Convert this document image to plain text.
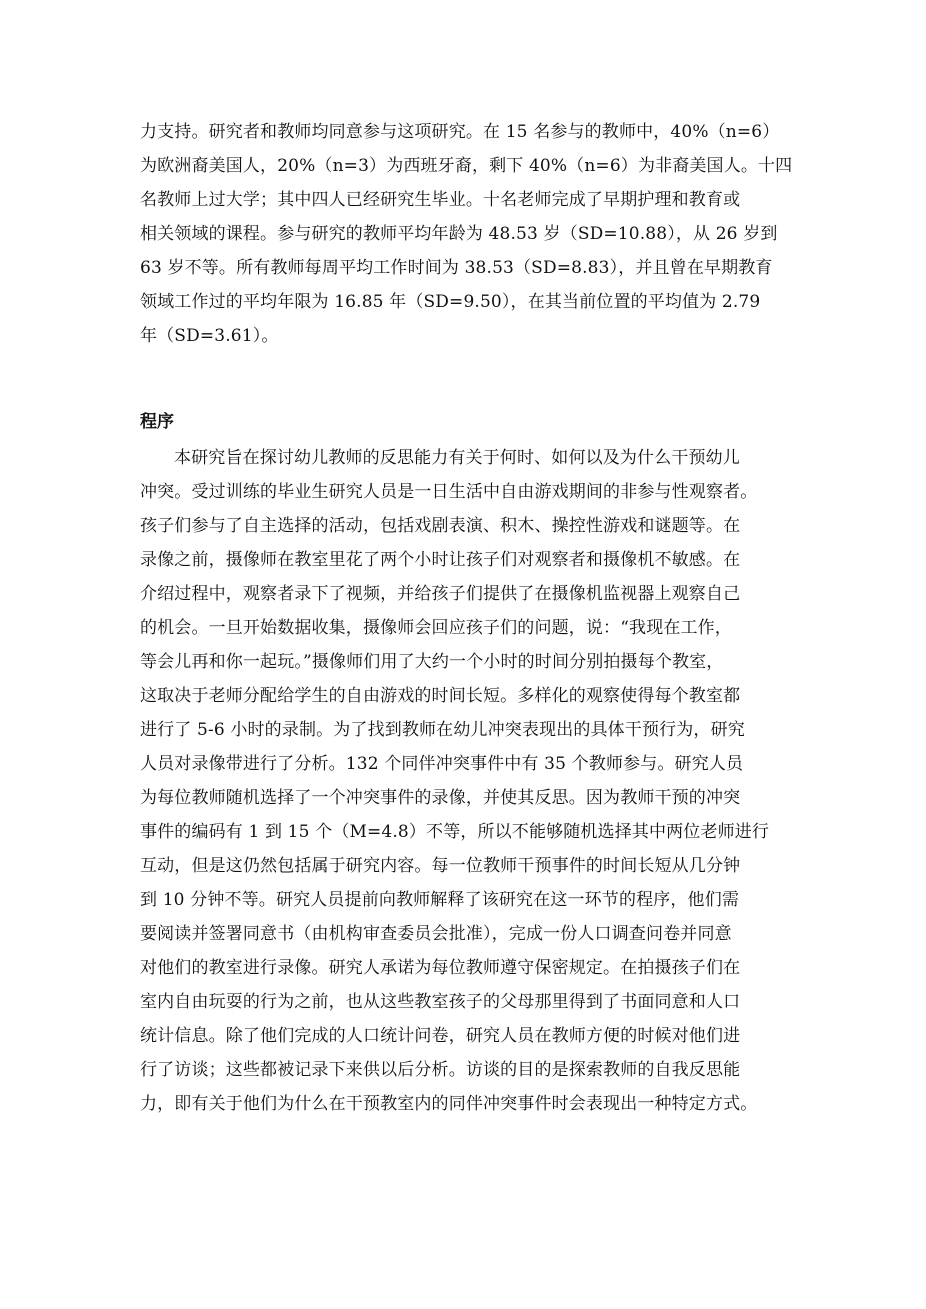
力支持。研究者和教师均同意参与这项研究。在 15 名参与的教师中，40%（n=6）
为欧洲裔美国人，20%（n=3）为西班牙裔，剩下 40%（n=6）为非裔美国人。十四
名教师上过大学；其中四人已经研究生毕业。十名老师完成了早期护理和教育或
相关领域的课程。参与研究的教师平均年龄为 48.53 岁（SD=10.88），从 26 岁到
63 岁不等。所有教师每周平均工作时间为 38.53（SD=8.83），并且曾在早期教育
领域工作过的平均年限为 16.85 年（SD=9.50），在其当前位置的平均值为 2.79
年（SD=3.61）。
程序
本研究旨在探讨幼儿教师的反思能力有关于何时、如何以及为什么干预幼儿
冲突。受过训练的毕业生研究人员是一日生活中自由游戏期间的非参与性观察者。
孩子们参与了自主选择的活动，包括戏剧表演、积木、操控性游戏和谜题等。在
录像之前，摄像师在教室里花了两个小时让孩子们对观察者和摄像机不敏感。在
介绍过程中，观察者录下了视频，并给孩子们提供了在摄像机监视器上观察自己
的机会。一旦开始数据收集，摄像师会回应孩子们的问题，说：“我现在工作，
等会儿再和你一起玩。”摄像师们用了大约一个小时的时间分别拍摄每个教室，
这取决于老师分配给学生的自由游戏的时间长短。多样化的观察使得每个教室都
进行了 5-6 小时的录制。为了找到教师在幼儿冲突表现出的具体干预行为，研究
人员对录像带进行了分析。132 个同伴冲突事件中有 35 个教师参与。研究人员
为每位教师随机选择了一个冲突事件的录像，并使其反思。因为教师干预的冲突
事件的编码有 1 到 15 个（M=4.8）不等，所以不能够随机选择其中两位老师进行
互动，但是这仍然包括属于研究内容。每一位教师干预事件的时间长短从几分钟
到 10 分钟不等。研究人员提前向教师解释了该研究在这一环节的程序，他们需
要阅读并签署同意书（由机构审查委员会批准），完成一份人口调查问卷并同意
对他们的教室进行录像。研究人承诺为每位教师遵守保密规定。在拍摄孩子们在
室内自由玩耍的行为之前，也从这些教室孩子的父母那里得到了书面同意和人口
统计信息。除了他们完成的人口统计问卷，研究人员在教师方便的时候对他们进
行了访谈；这些都被记录下来供以后分析。访谈的目的是探索教师的自我反思能
力，即有关于他们为什么在干预教室内的同伴冲突事件时会表现出一种特定方式。
